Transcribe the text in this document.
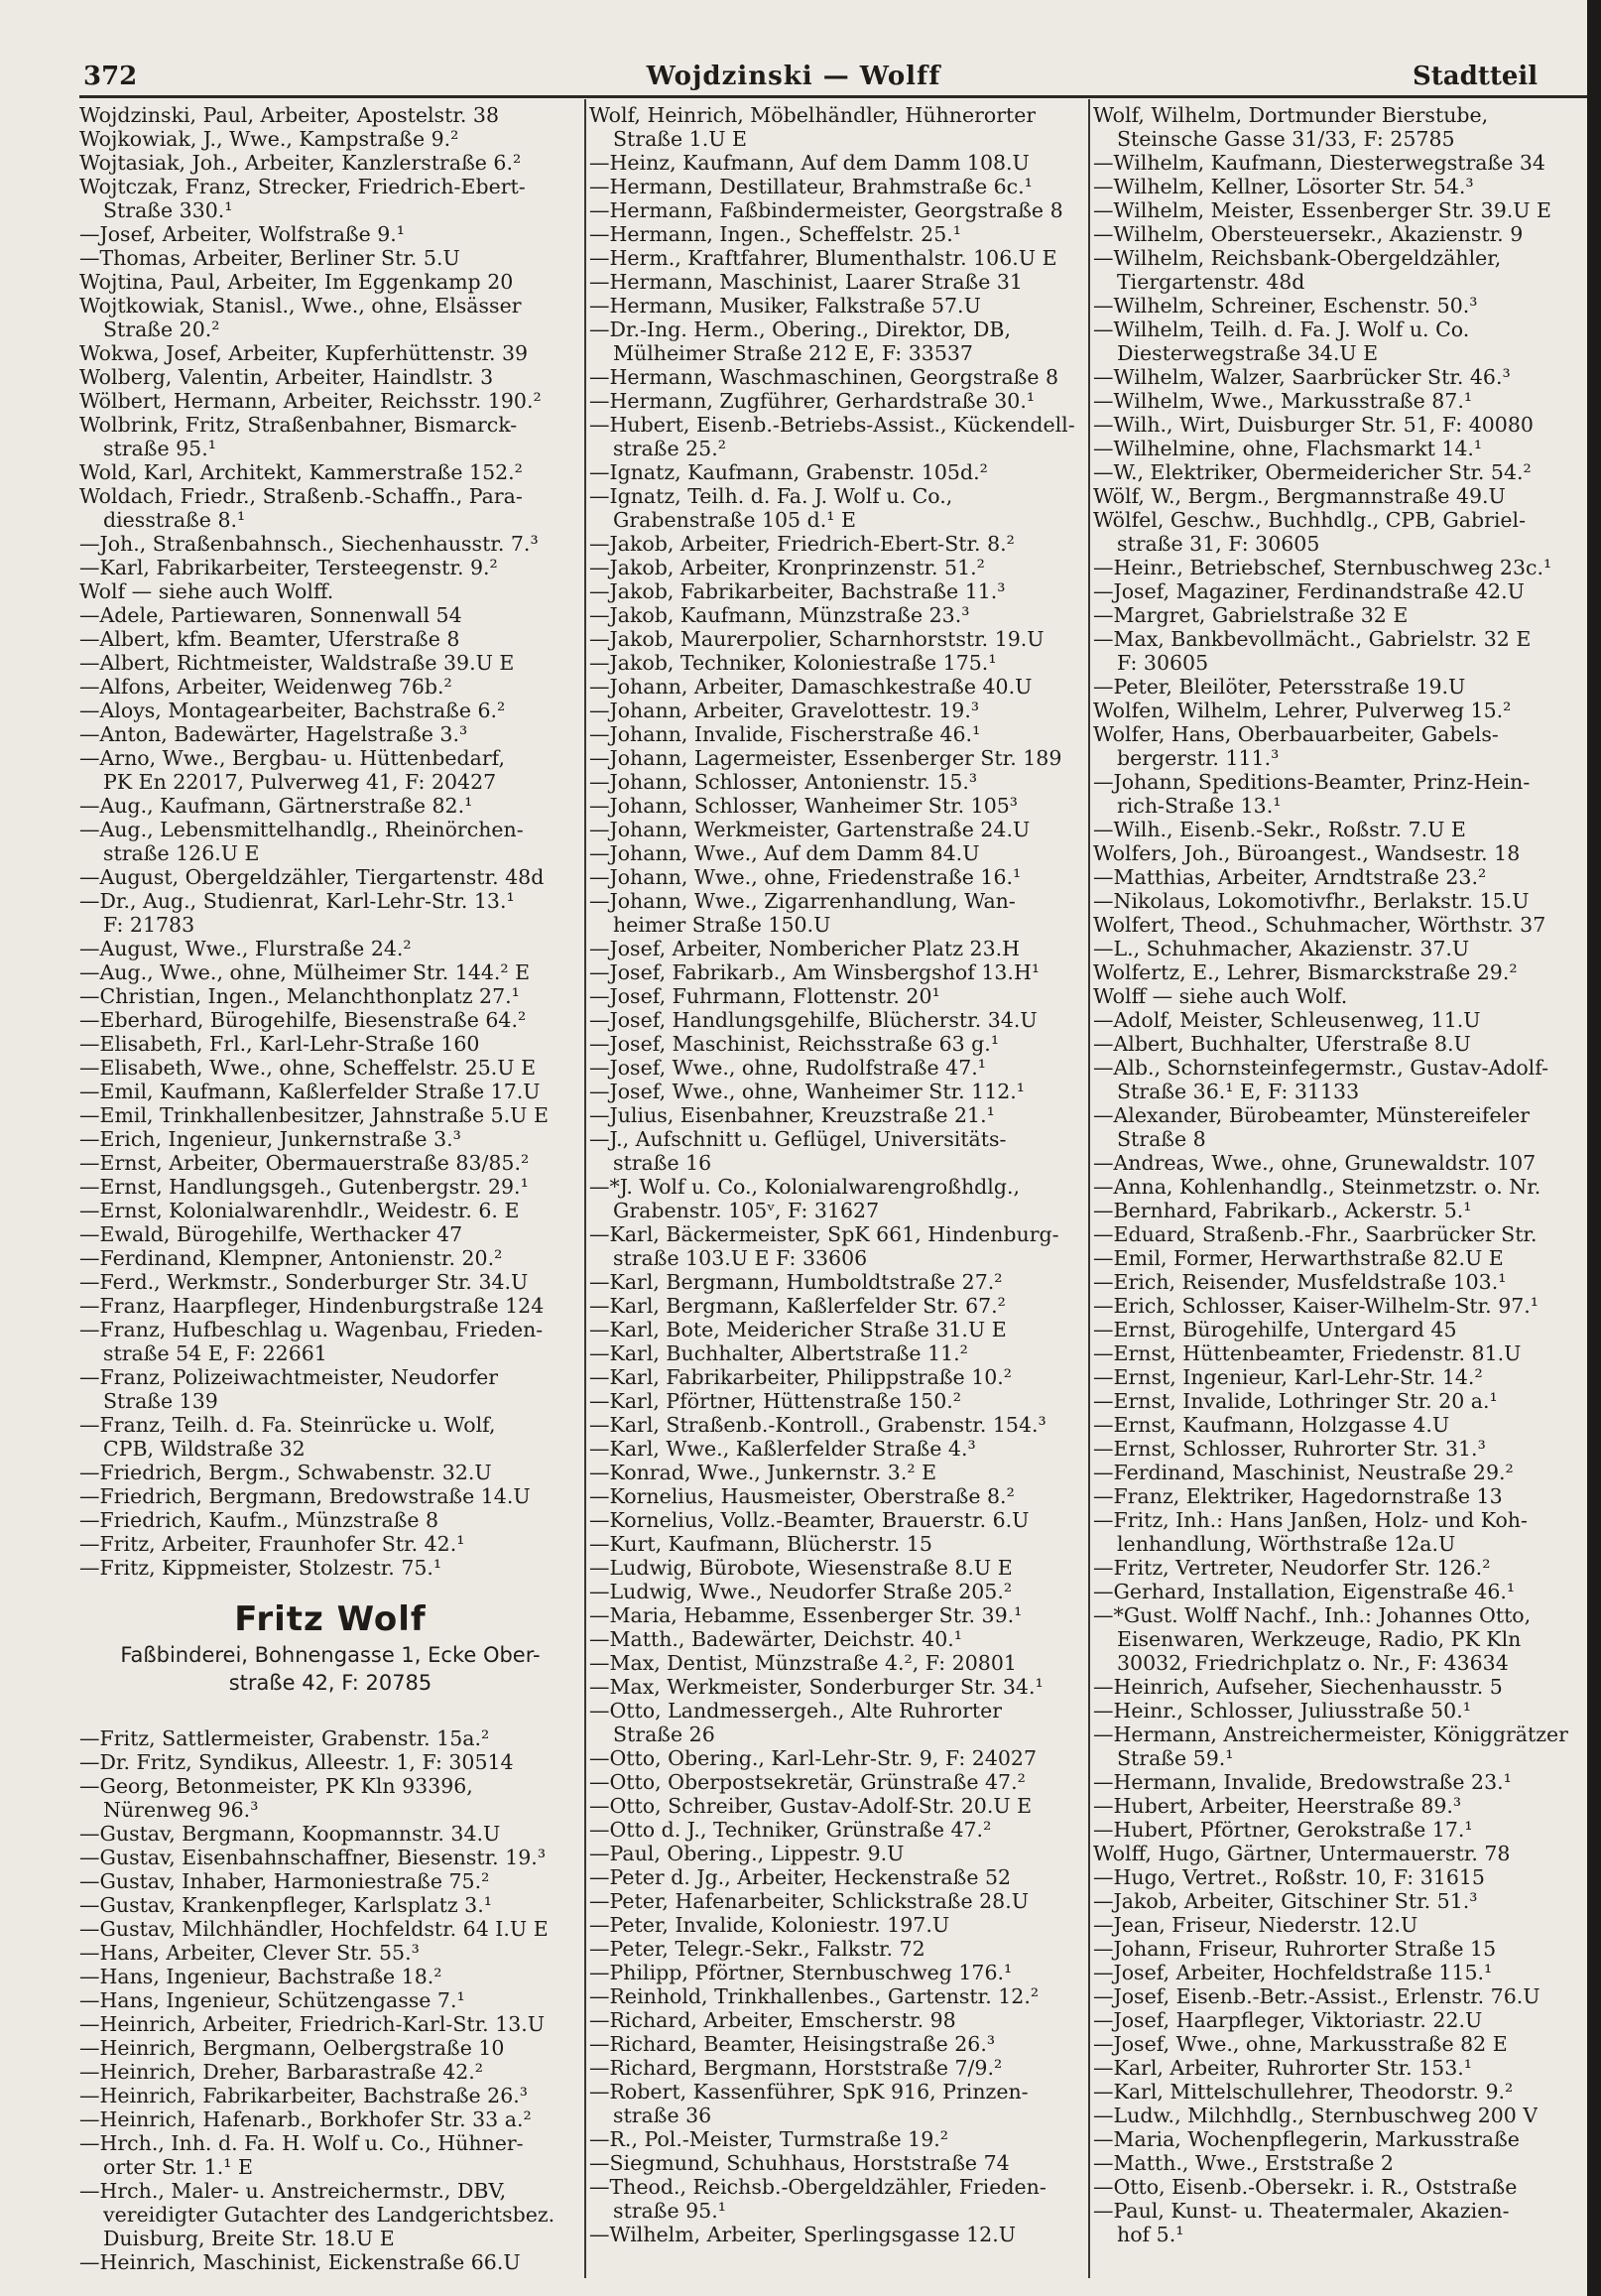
372	Wojdzinski — Wolff	Stadtteil
Fritz Wolf
Faßbinderei, Bohnengasse 1, Ecke Ober-
straße 42, F: 20785
Wojdzinski, Paul, Arbeiter, Apostelstr. 38
Wojkowiak, J., Wwe., Kampstraße 9.²
Wojtasiak, Joh., Arbeiter, Kanzlerstraße 6.²
Wojtczak, Franz, Strecker, Friedrich-Ebert-
Straße 330.¹
—Josef, Arbeiter, Wolfstraße 9.¹
—Thomas, Arbeiter, Berliner Str. 5.U
Wojtina, Paul, Arbeiter, Im Eggenkamp 20
Wojtkowiak, Stanisl., Wwe., ohne, Elsässer
Straße 20.²
Wokwa, Josef, Arbeiter, Kupferhüttenstr. 39
Wolberg, Valentin, Arbeiter, Haindlstr. 3
Wölbert, Hermann, Arbeiter, Reichsstr. 190.²
Wolbrink, Fritz, Straßenbahner, Bismarck-
straße 95.¹
Wold, Karl, Architekt, Kammerstraße 152.²
Woldach, Friedr., Straßenb.-Schaffn., Para-
diesstraße 8.¹
—Joh., Straßenbahnsch., Siechenhausstr. 7.³
—Karl, Fabrikarbeiter, Tersteegenstr. 9.²
Wolf — siehe auch Wolff.
—Adele, Partiewaren, Sonnenwall 54
—Albert, kfm. Beamter, Uferstraße 8
—Albert, Richtmeister, Waldstraße 39.U E
—Alfons, Arbeiter, Weidenweg 76b.²
—Aloys, Montagearbeiter, Bachstraße 6.²
—Anton, Badewärter, Hagelstraße 3.³
—Arno, Wwe., Bergbau- u. Hüttenbedarf,
PK En 22017, Pulverweg 41, F: 20427
—Aug., Kaufmann, Gärtnerstraße 82.¹
—Aug., Lebensmittelhandlg., Rheinörchen-
straße 126.U E
—August, Obergeldzähler, Tiergartenstr. 48d
—Dr., Aug., Studienrat, Karl-Lehr-Str. 13.¹
F: 21783
—August, Wwe., Flurstraße 24.²
—Aug., Wwe., ohne, Mülheimer Str. 144.² E
—Christian, Ingen., Melanchthonplatz 27.¹
—Eberhard, Bürogehilfe, Biesenstraße 64.²
—Elisabeth, Frl., Karl-Lehr-Straße 160
—Elisabeth, Wwe., ohne, Scheffelstr. 25.U E
—Emil, Kaufmann, Kaßlerfelder Straße 17.U
—Emil, Trinkhallenbesitzer, Jahnstraße 5.U E
—Erich, Ingenieur, Junkernstraße 3.³
—Ernst, Arbeiter, Obermauerstraße 83/85.²
—Ernst, Handlungsgeh., Gutenbergstr. 29.¹
—Ernst, Kolonialwarenhdlr., Weidestr. 6. E
—Ewald, Bürogehilfe, Werthacker 47
—Ferdinand, Klempner, Antonienstr. 20.²
—Ferd., Werkmstr., Sonderburger Str. 34.U
—Franz, Haarpfleger, Hindenburgstraße 124
—Franz, Hufbeschlag u. Wagenbau, Frieden-
straße 54 E, F: 22661
—Franz, Polizeiwachtmeister, Neudorfer
Straße 139
—Franz, Teilh. d. Fa. Steinrücke u. Wolf,
CPB, Wildstraße 32
—Friedrich, Bergm., Schwabenstr. 32.U
—Friedrich, Bergmann, Bredowstraße 14.U
—Friedrich, Kaufm., Münzstraße 8
—Fritz, Arbeiter, Fraunhofer Str. 42.¹
—Fritz, Kippmeister, Stolzestr. 75.¹
—Fritz, Sattlermeister, Grabenstr. 15a.²
—Dr. Fritz, Syndikus, Alleestr. 1, F: 30514
—Georg, Betonmeister, PK Kln 93396,
Nürenweg 96.³
—Gustav, Bergmann, Koopmannstr. 34.U
—Gustav, Eisenbahnschaffner, Biesenstr. 19.³
—Gustav, Inhaber, Harmoniestraße 75.²
—Gustav, Krankenpfleger, Karlsplatz 3.¹
—Gustav, Milchhändler, Hochfeldstr. 64 I.U E
—Hans, Arbeiter, Clever Str. 55.³
—Hans, Ingenieur, Bachstraße 18.²
—Hans, Ingenieur, Schützengasse 7.¹
—Heinrich, Arbeiter, Friedrich-Karl-Str. 13.U
—Heinrich, Bergmann, Oelbergstraße 10
—Heinrich, Dreher, Barbarastraße 42.²
—Heinrich, Fabrikarbeiter, Bachstraße 26.³
—Heinrich, Hafenarb., Borkhofer Str. 33 a.²
—Hrch., Inh. d. Fa. H. Wolf u. Co., Hühner-
orter Str. 1.¹ E
—Hrch., Maler- u. Anstreichermstr., DBV,
vereidigter Gutachter des Landgerichtsbez.
Duisburg, Breite Str. 18.U E
—Heinrich, Maschinist, Eickenstraße 66.U
Wolf, Heinrich, Möbelhändler, Hühnerorter
Straße 1.U E
—Heinz, Kaufmann, Auf dem Damm 108.U
—Hermann, Destillateur, Brahmstraße 6c.¹
—Hermann, Faßbindermeister, Georgstraße 8
—Hermann, Ingen., Scheffelstr. 25.¹
—Herm., Kraftfahrer, Blumenthalstr. 106.U E
—Hermann, Maschinist, Laarer Straße 31
—Hermann, Musiker, Falkstraße 57.U
—Dr.-Ing. Herm., Obering., Direktor, DB,
Mülheimer Straße 212 E, F: 33537
—Hermann, Waschmaschinen, Georgstraße 8
—Hermann, Zugführer, Gerhardstraße 30.¹
—Hubert, Eisenb.-Betriebs-Assist., Kückendell-
straße 25.²
—Ignatz, Kaufmann, Grabenstr. 105d.²
—Ignatz, Teilh. d. Fa. J. Wolf u. Co.,
Grabenstraße 105 d.¹ E
—Jakob, Arbeiter, Friedrich-Ebert-Str. 8.²
—Jakob, Arbeiter, Kronprinzenstr. 51.²
—Jakob, Fabrikarbeiter, Bachstraße 11.³
—Jakob, Kaufmann, Münzstraße 23.³
—Jakob, Maurerpolier, Scharnhorststr. 19.U
—Jakob, Techniker, Koloniestraße 175.¹
—Johann, Arbeiter, Damaschkestraße 40.U
—Johann, Arbeiter, Gravelottestr. 19.³
—Johann, Invalide, Fischerstraße 46.¹
—Johann, Lagermeister, Essenberger Str. 189
—Johann, Schlosser, Antonienstr. 15.³
—Johann, Schlosser, Wanheimer Str. 105³
—Johann, Werkmeister, Gartenstraße 24.U
—Johann, Wwe., Auf dem Damm 84.U
—Johann, Wwe., ohne, Friedenstraße 16.¹
—Johann, Wwe., Zigarrenhandlung, Wan-
heimer Straße 150.U
—Josef, Arbeiter, Nomberichеr Platz 23.H
—Josef, Fabrikarb., Am Winsbergshof 13.H¹
—Josef, Fuhrmann, Flottenstr. 20¹
—Josef, Handlungsgehilfe, Blücherstr. 34.U
—Josef, Maschinist, Reichsstraße 63 g.¹
—Josef, Wwe., ohne, Rudolfstraße 47.¹
—Josef, Wwe., ohne, Wanheimer Str. 112.¹
—Julius, Eisenbahner, Kreuzstraße 21.¹
—J., Aufschnitt u. Geflügel, Universitäts-
straße 16
—*J. Wolf u. Co., Kolonialwarengroßhdlg.,
Grabenstr. 105ᵛ, F: 31627
—Karl, Bäckermeister, SpK 661, Hindenburg-
straße 103.U E F: 33606
—Karl, Bergmann, Humboldtstraße 27.²
—Karl, Bergmann, Kaßlerfelder Str. 67.²
—Karl, Bote, Meidericher Straße 31.U E
—Karl, Buchhalter, Albertstraße 11.²
—Karl, Fabrikarbeiter, Philippstraße 10.²
—Karl, Pförtner, Hüttenstraße 150.²
—Karl, Straßenb.-Kontroll., Grabenstr. 154.³
—Karl, Wwe., Kaßlerfelder Straße 4.³
—Konrad, Wwe., Junkernstr. 3.² E
—Kornelius, Hausmeister, Oberstraße 8.²
—Kornelius, Vollz.-Beamter, Brauerstr. 6.U
—Kurt, Kaufmann, Blücherstr. 15
—Ludwig, Bürobote, Wiesenstraße 8.U E
—Ludwig, Wwe., Neudorfer Straße 205.²
—Maria, Hebamme, Essenberger Str. 39.¹
—Matth., Badewärter, Deichstr. 40.¹
—Max, Dentist, Münzstraße 4.², F: 20801
—Max, Werkmeister, Sonderburger Str. 34.¹
—Otto, Landmessergeh., Alte Ruhrorter
Straße 26
—Otto, Obering., Karl-Lehr-Str. 9, F: 24027
—Otto, Oberpostsekretär, Grünstraße 47.²
—Otto, Schreiber, Gustav-Adolf-Str. 20.U E
—Otto d. J., Techniker, Grünstraße 47.²
—Paul, Obering., Lippestr. 9.U
—Peter d. Jg., Arbeiter, Heckenstraße 52
—Peter, Hafenarbeiter, Schlickstraße 28.U
—Peter, Invalide, Koloniestr. 197.U
—Peter, Telegr.-Sekr., Falkstr. 72
—Philipp, Pförtner, Sternbuschweg 176.¹
—Reinhold, Trinkhallenbes., Gartenstr. 12.²
—Richard, Arbeiter, Emscherstr. 98
—Richard, Beamter, Heisingstraße 26.³
—Richard, Bergmann, Horststraße 7/9.²
—Robert, Kassenführer, SpK 916, Prinzen-
straße 36
—R., Pol.-Meister, Turmstraße 19.²
—Siegmund, Schuhhaus, Horststraße 74
—Theod., Reichsb.-Obergeldzähler, Frieden-
straße 95.¹
—Wilhelm, Arbeiter, Sperlingsgasse 12.U
Wolf, Wilhelm, Dortmunder Bierstube,
Steinsche Gasse 31/33, F: 25785
—Wilhelm, Kaufmann, Diesterwegstraße 34
—Wilhelm, Kellner, Lösorter Str. 54.³
—Wilhelm, Meister, Essenberger Str. 39.U E
—Wilhelm, Obersteuersekr., Akazienstr. 9
—Wilhelm, Reichsbank-Obergeldzähler,
Tiergartenstr. 48d
—Wilhelm, Schreiner, Eschenstr. 50.³
—Wilhelm, Teilh. d. Fa. J. Wolf u. Co.
Diesterwegstraße 34.U E
—Wilhelm, Walzer, Saarbrücker Str. 46.³
—Wilhelm, Wwe., Markusstraße 87.¹
—Wilh., Wirt, Duisburger Str. 51, F: 40080
—Wilhelmine, ohne, Flachsmarkt 14.¹
—W., Elektriker, Obermeidericher Str. 54.²
Wölf, W., Bergm., Bergmannstraße 49.U
Wölfel, Geschw., Buchhdlg., CPB, Gabriel-
straße 31, F: 30605
—Heinr., Betriebschef, Sternbuschweg 23c.¹
—Josef, Magaziner, Ferdinandstraße 42.U
—Margret, Gabrielstraße 32 E
—Max, Bankbevollmächt., Gabrielstr. 32 E
F: 30605
—Peter, Bleilöter, Petersstraße 19.U
Wolfen, Wilhelm, Lehrer, Pulverweg 15.²
Wolfer, Hans, Oberbauarbeiter, Gabels-
bergerstr. 111.³
—Johann, Speditions-Beamter, Prinz-Hein-
rich-Straße 13.¹
—Wilh., Eisenb.-Sekr., Roßstr. 7.U E
Wolfers, Joh., Büroangest., Wandsestr. 18
—Matthias, Arbeiter, Arndtstraße 23.²
—Nikolaus, Lokomotivfhr., Berlakstr. 15.U
Wolfert, Theod., Schuhmacher, Wörthstr. 37
—L., Schuhmacher, Akazienstr. 37.U
Wolfertz, E., Lehrer, Bismarckstraße 29.²
Wolff — siehe auch Wolf.
—Adolf, Meister, Schleusenweg, 11.U
—Albert, Buchhalter, Uferstraße 8.U
—Alb., Schornsteinfegermstr., Gustav-Adolf-
Straße 36.¹ E, F: 31133
—Alexander, Bürobeamter, Münstereifeler
Straße 8
—Andreas, Wwe., ohne, Grunewaldstr. 107
—Anna, Kohlenhandlg., Steinmetzstr. o. Nr.
—Bernhard, Fabrikarb., Ackerstr. 5.¹
—Eduard, Straßenb.-Fhr., Saarbrücker Str.
—Emil, Former, Herwarthstraße 82.U E
—Erich, Reisender, Musfeldstraße 103.¹
—Erich, Schlosser, Kaiser-Wilhelm-Str. 97.¹
—Ernst, Bürogehilfe, Untergard 45
—Ernst, Hüttenbeamter, Friedenstr. 81.U
—Ernst, Ingenieur, Karl-Lehr-Str. 14.²
—Ernst, Invalide, Lothringer Str. 20 a.¹
—Ernst, Kaufmann, Holzgasse 4.U
—Ernst, Schlosser, Ruhrorter Str. 31.³
—Ferdinand, Maschinist, Neustraße 29.²
—Franz, Elektriker, Hagedornstraße 13
—Fritz, Inh.: Hans Janßen, Holz- und Koh-
lenhandlung, Wörthstraße 12a.U
—Fritz, Vertreter, Neudorfer Str. 126.²
—Gerhard, Installation, Eigenstraße 46.¹
—*Gust. Wolff Nachf., Inh.: Johannes Otto,
Eisenwaren, Werkzeuge, Radio, PK Kln
30032, Friedrichplatz o. Nr., F: 43634
—Heinrich, Aufseher, Siechenhausstr. 5
—Heinr., Schlosser, Juliusstraße 50.¹
—Hermann, Anstreichermeister, Königgrätzer
Straße 59.¹
—Hermann, Invalide, Bredowstraße 23.¹
—Hubert, Arbeiter, Heerstraße 89.³
—Hubert, Pförtner, Gerokstraße 17.¹
Wolff, Hugo, Gärtner, Untermauerstr. 78
—Hugo, Vertret., Roßstr. 10, F: 31615
—Jakob, Arbeiter, Gitschiner Str. 51.³
—Jean, Friseur, Niederstr. 12.U
—Johann, Friseur, Ruhrorter Straße 15
—Josef, Arbeiter, Hochfeldstraße 115.¹
—Josef, Eisenb.-Betr.-Assist., Erlenstr. 76.U
—Josef, Haarpfleger, Viktoriastr. 22.U
—Josef, Wwe., ohne, Markusstraße 82 E
—Karl, Arbeiter, Ruhrorter Str. 153.¹
—Karl, Mittelschullehrer, Theodorstr. 9.²
—Ludw., Milchhdlg., Sternbuschweg 200 V
—Maria, Wochenpflegerin, Markusstraße
—Matth., Wwe., Erststraße 2
—Otto, Eisenb.-Obersekr. i. R., Oststraße
—Paul, Kunst- u. Theatermaler, Akazien-
hof 5.¹
